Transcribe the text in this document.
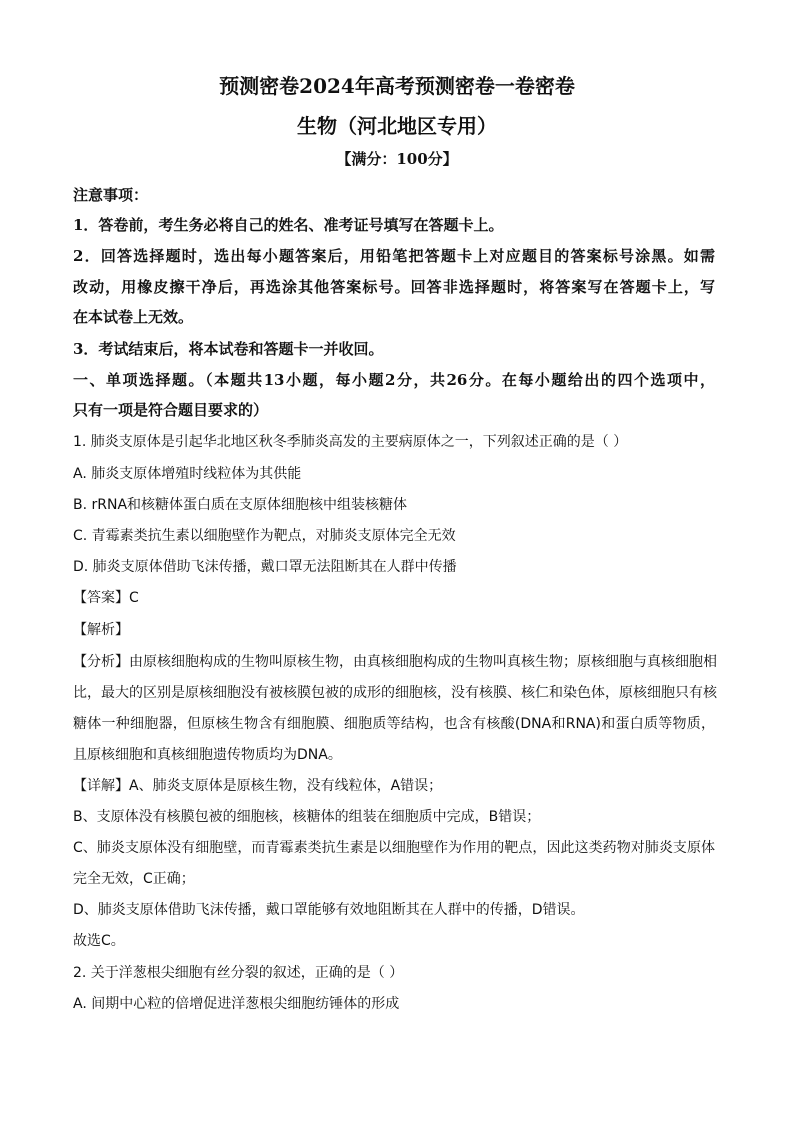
预测密卷2024年高考预测密卷一卷密卷
生物（河北地区专用）
【满分：100分】
注意事项：
1．答卷前，考生务必将自己的姓名、准考证号填写在答题卡上。
2．回答选择题时，选出每小题答案后，用铅笔把答题卡上对应题目的答案标号涂黑。如需
改动，用橡皮擦干净后，再选涂其他答案标号。回答非选择题时，将答案写在答题卡上，写
在本试卷上无效。
3．考试结束后，将本试卷和答题卡一并收回。
一、单项选择题。（本题共13小题，每小题2分，共26分。在每小题给出的四个选项中，
只有一项是符合题目要求的）
1. 肺炎支原体是引起华北地区秋冬季肺炎高发的主要病原体之一，下列叙述正确的是（ ）
A. 肺炎支原体增殖时线粒体为其供能
B. rRNA和核糖体蛋白质在支原体细胞核中组装核糖体
C. 青霉素类抗生素以细胞壁作为靶点，对肺炎支原体完全无效
D. 肺炎支原体借助飞沫传播，戴口罩无法阻断其在人群中传播
【答案】C
【解析】
【分析】由原核细胞构成的生物叫原核生物，由真核细胞构成的生物叫真核生物；原核细胞与真核细胞相
比，最大的区别是原核细胞没有被核膜包被的成形的细胞核，没有核膜、核仁和染色体，原核细胞只有核
糖体一种细胞器，但原核生物含有细胞膜、细胞质等结构，也含有核酸(DNA和RNA)和蛋白质等物质，
且原核细胞和真核细胞遗传物质均为DNA。
【详解】A、肺炎支原体是原核生物，没有线粒体，A错误；
B、支原体没有核膜包被的细胞核，核糖体的组装在细胞质中完成，B错误；
C、肺炎支原体没有细胞壁，而青霉素类抗生素是以细胞壁作为作用的靶点，因此这类药物对肺炎支原体
完全无效，C正确；
D、肺炎支原体借助飞沫传播，戴口罩能够有效地阻断其在人群中的传播，D错误。
故选C。
2. 关于洋葱根尖细胞有丝分裂的叙述，正确的是（ ）
A. 间期中心粒的倍增促进洋葱根尖细胞纺锤体的形成
